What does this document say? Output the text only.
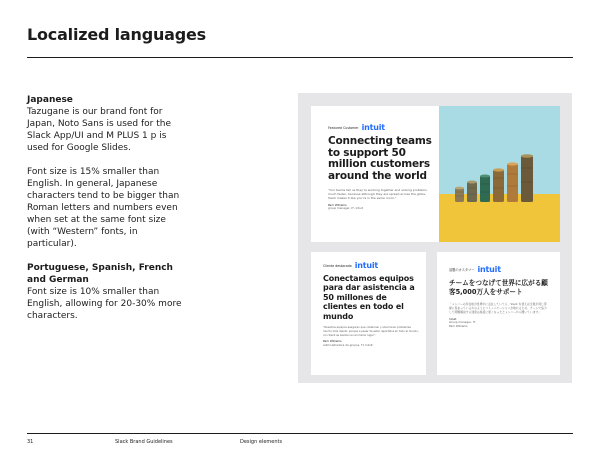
Localized languages

Japanese
Tazugane is our brand font for Japan, Noto Sans is used for the Slack App/UI and M PLUS 1 p is used for Google Slides.

Font size is 15% smaller than English. In general, Japanese characters tend to be bigger than Roman letters and numbers even when set at the same font size (with “Western” fonts, in particular).

Portuguese, Spanish, French and German
Font size is 10% smaller than English, allowing for 20-30% more characters.

Featured Customer intuit
Connecting teams to support 50 million customers around the world
“Our teams tell us they’re working together and solving problems much faster, because although they are spread across the globe, Slack makes it like you’re in the same room.”
Pam Williams
group manager, IT, Intuit
Cliente destacado intuit
Conectamos equipos para dar asistencia a 50 millones de clientes en todo el mundo
“Nuestros equipos aseguran que colaboran y solucionan problemas mucho más rápido, porque a pesar de estar repartidos en todo el mundo, con Slack se sienten en el mismo lugar”.
Pam Williams
administradora de grupos, TI, Intuit
話題のカスタマー intuit
チームをつなげて世界に広がる顧客5,000万人をサポート
「メンバーの所在地が世界中に点在していても、Slack を使えば全員が同じ部屋に集まっているかのようにコミュニケーションが取れるため、チームで協力して問題解決する速度は格段に速くなったとメンバーから聞いています」
Intuit
Group manager, IT
Pam Williams
31	Slack Brand Guidelines	Design elements
